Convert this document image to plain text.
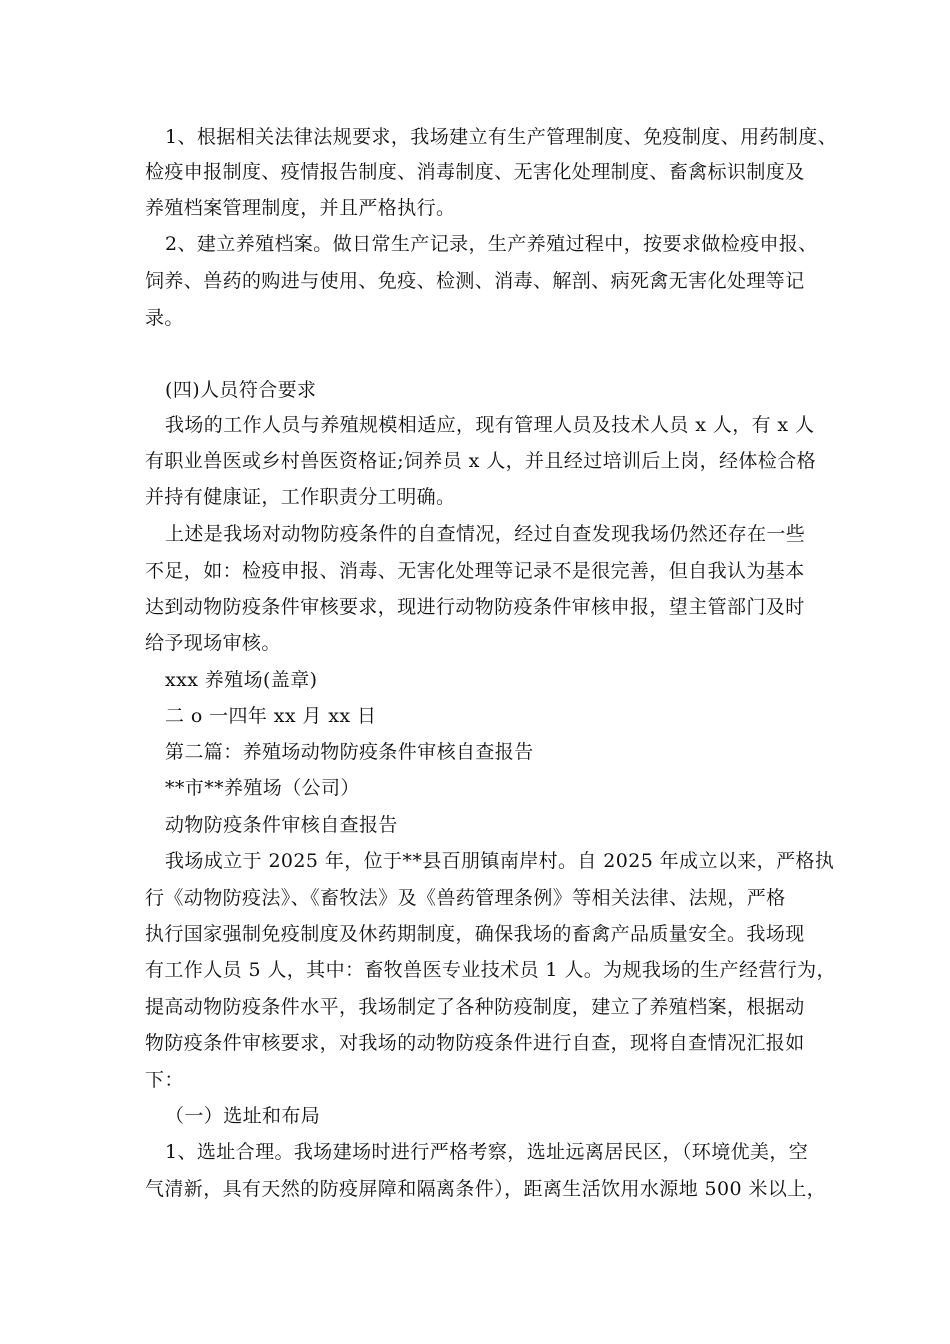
1、根据相关法律法规要求，我场建立有生产管理制度、免疫制度、用药制度、
检疫申报制度、疫情报告制度、消毒制度、无害化处理制度、畜禽标识制度及
养殖档案管理制度，并且严格执行。
2、建立养殖档案。做日常生产记录，生产养殖过程中，按要求做检疫申报、
饲养、兽药的购进与使用、免疫、检测、消毒、解剖、病死禽无害化处理等记
录。
(四)人员符合要求
我场的工作人员与养殖规模相适应，现有管理人员及技术人员 x 人，有 x 人
有职业兽医或乡村兽医资格证;饲养员 x 人，并且经过培训后上岗，经体检合格
并持有健康证，工作职责分工明确。
上述是我场对动物防疫条件的自查情况，经过自查发现我场仍然还存在一些
不足，如：检疫申报、消毒、无害化处理等记录不是很完善，但自我认为基本
达到动物防疫条件审核要求，现进行动物防疫条件审核申报，望主管部门及时
给予现场审核。
xxx 养殖场(盖章)
二 o 一四年 xx 月 xx 日
第二篇：养殖场动物防疫条件审核自查报告
**市**养殖场（公司）
动物防疫条件审核自查报告
我场成立于 2025 年，位于**县百朋镇南岸村。自 2025 年成立以来，严格执
行《动物防疫法》、《畜牧法》及《兽药管理条例》等相关法律、法规，严格
执行国家强制免疫制度及休药期制度，确保我场的畜禽产品质量安全。我场现
有工作人员 5 人，其中：畜牧兽医专业技术员 1 人。为规我场的生产经营行为，
提高动物防疫条件水平，我场制定了各种防疫制度，建立了养殖档案，根据动
物防疫条件审核要求，对我场的动物防疫条件进行自查，现将自查情况汇报如
下：
（一）选址和布局
1、选址合理。我场建场时进行严格考察，选址远离居民区，（环境优美，空
气清新，具有天然的防疫屏障和隔离条件），距离生活饮用水源地 500 米以上，
